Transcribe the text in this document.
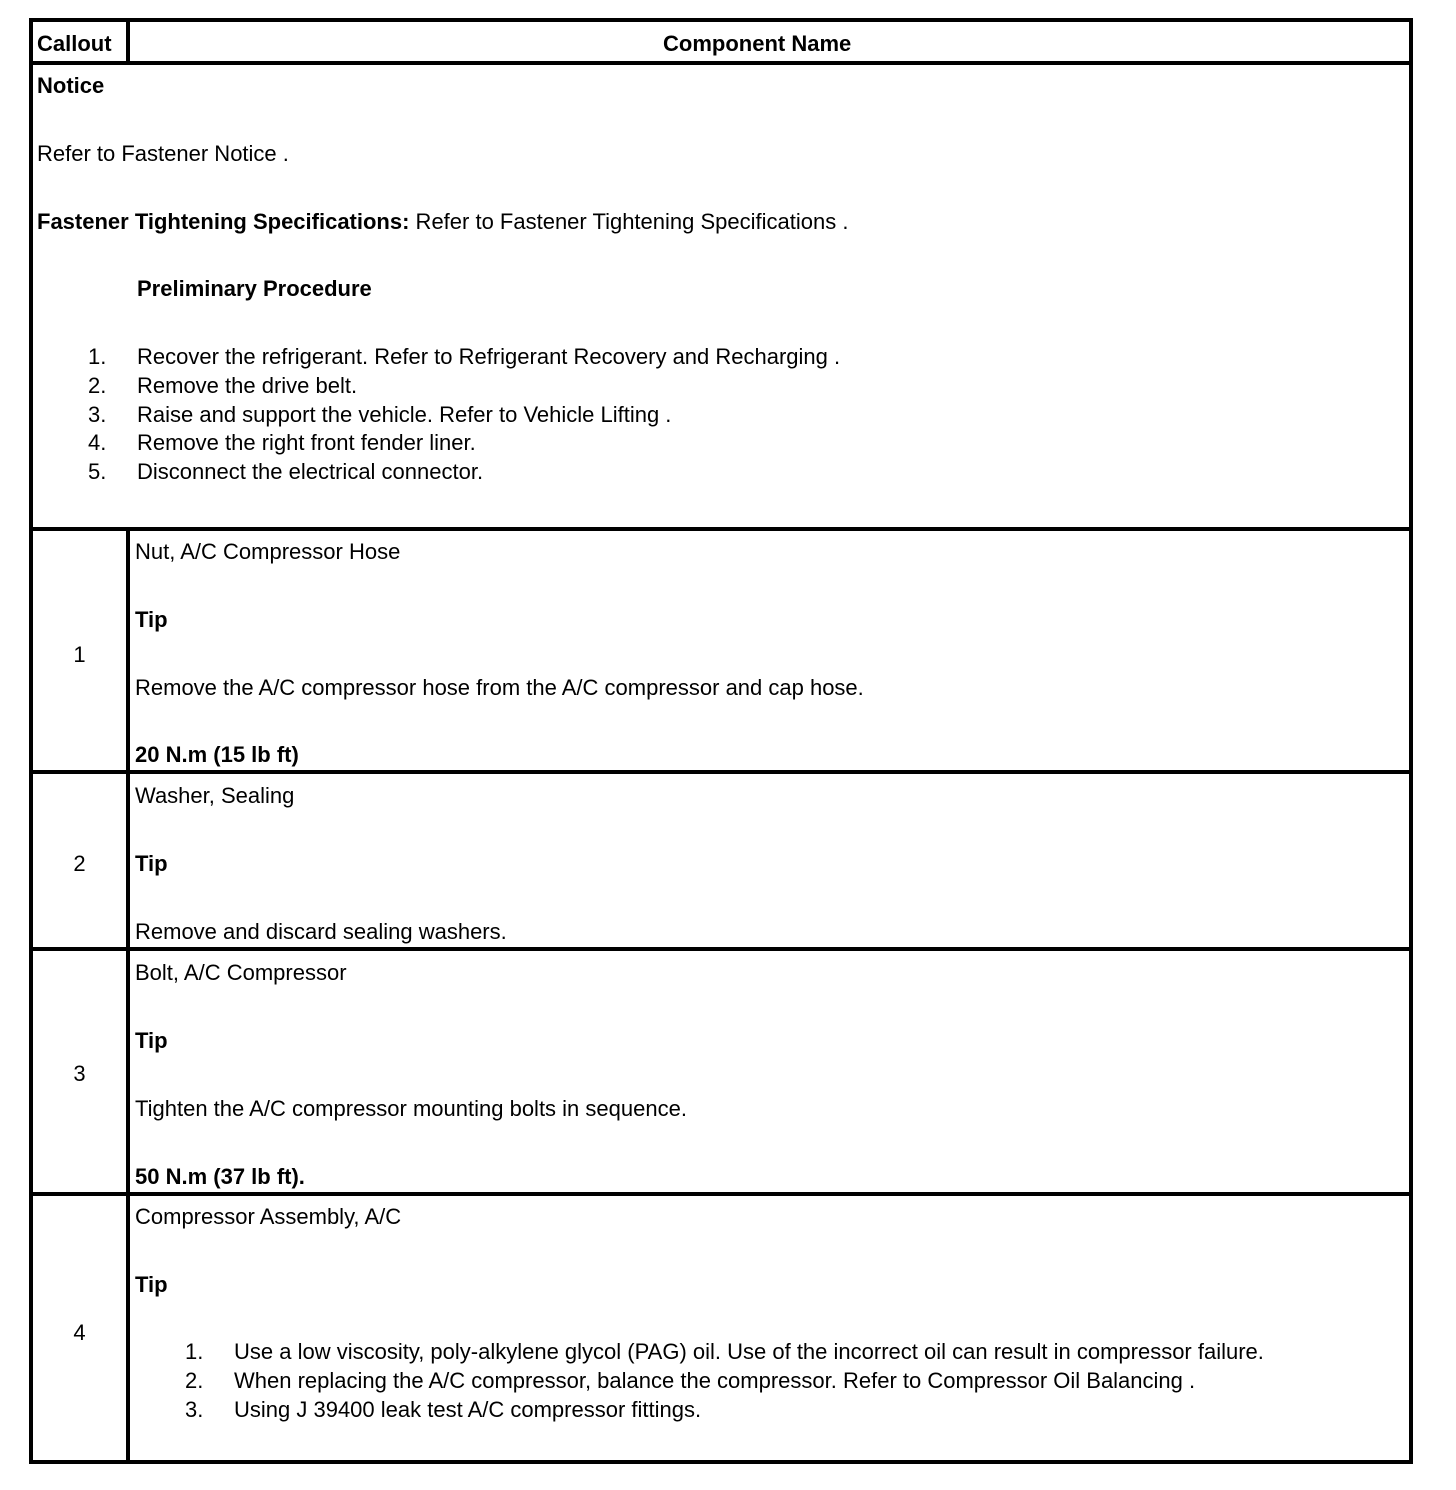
Callout	Component Name
Notice
Refer to Fastener Notice .
Fastener Tightening Specifications: Refer to Fastener Tightening Specifications .
Preliminary Procedure
1. Recover the refrigerant. Refer to Refrigerant Recovery and Recharging .
2. Remove the drive belt.
3. Raise and support the vehicle. Refer to Vehicle Lifting .
4. Remove the right front fender liner.
5. Disconnect the electrical connector.
1
Nut, A/C Compressor Hose
Tip
Remove the A/C compressor hose from the A/C compressor and cap hose.
20 N.m (15 lb ft)
2
Washer, Sealing
Tip
Remove and discard sealing washers.
3
Bolt, A/C Compressor
Tip
Tighten the A/C compressor mounting bolts in sequence.
50 N.m (37 lb ft).
4
Compressor Assembly, A/C
Tip
1. Use a low viscosity, poly-alkylene glycol (PAG) oil. Use of the incorrect oil can result in compressor failure.
2. When replacing the A/C compressor, balance the compressor. Refer to Compressor Oil Balancing .
3. Using J 39400 leak test A/C compressor fittings.
